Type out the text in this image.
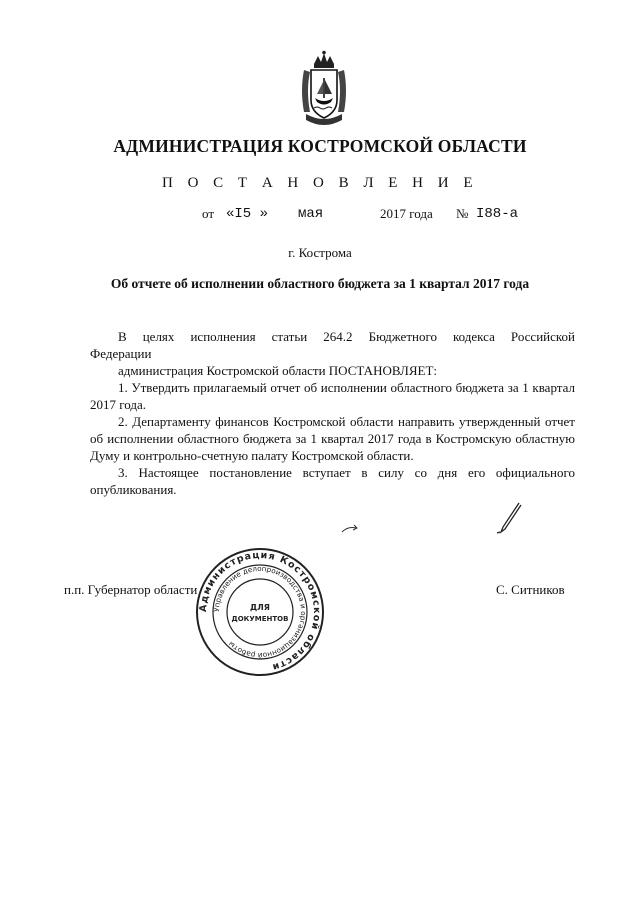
АДМИНИСТРАЦИЯ КОСТРОМСКОЙ ОБЛАСТИ
П О С Т А Н О В Л Е Н И Е
от «I5 » мая	2017 года № I88-а
г. Кострома
Об отчете об исполнении областного бюджета за 1 квартал 2017 года

В целях исполнения статьи 264.2 Бюджетного кодекса Российской

Федерации

администрация Костромской области ПОСТАНОВЛЯЕТ:

1. Утвердить прилагаемый отчет об исполнении областного бюджета за 1 квартал 2017 года.

2. Департаменту финансов Костромской области направить утвержденный отчет об исполнении областного бюджета за 1 квартал 2017 года в Костромскую областную Думу и контрольно-счетную палату Костромской области.

3. Настоящее постановление вступает в силу со дня его официального опубликования.

п.п. Губернатор области	С. Ситников
Администрация Костромской области
Управление делопроизводства и организационной работы
ДЛЯ
ДОКУМЕНТОВ
